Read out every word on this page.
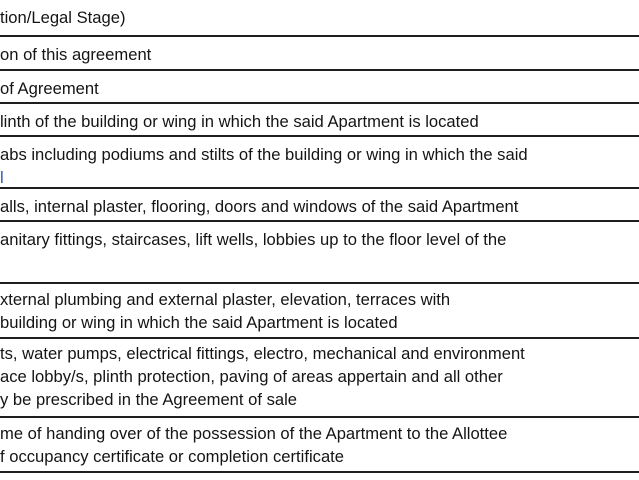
tion/Legal Stage)
on of this agreement
of Agreement
linth of the building or wing in which the said Apartment is located
abs including podiums and stilts of the building or wing in which the said
l
alls, internal plaster, flooring, doors and windows of the said Apartment
anitary fittings, staircases, lift wells, lobbies up to the floor level of the
xternal plumbing and external plaster, elevation, terraces with
building or wing in which the said Apartment is located
ts, water pumps, electrical fittings, electro, mechanical and environment
ace lobby/s, plinth protection, paving of areas appertain and all other
y be prescribed in the Agreement of sale
me of handing over of the possession of the Apartment to the Allottee
f occupancy certificate or completion certificate
